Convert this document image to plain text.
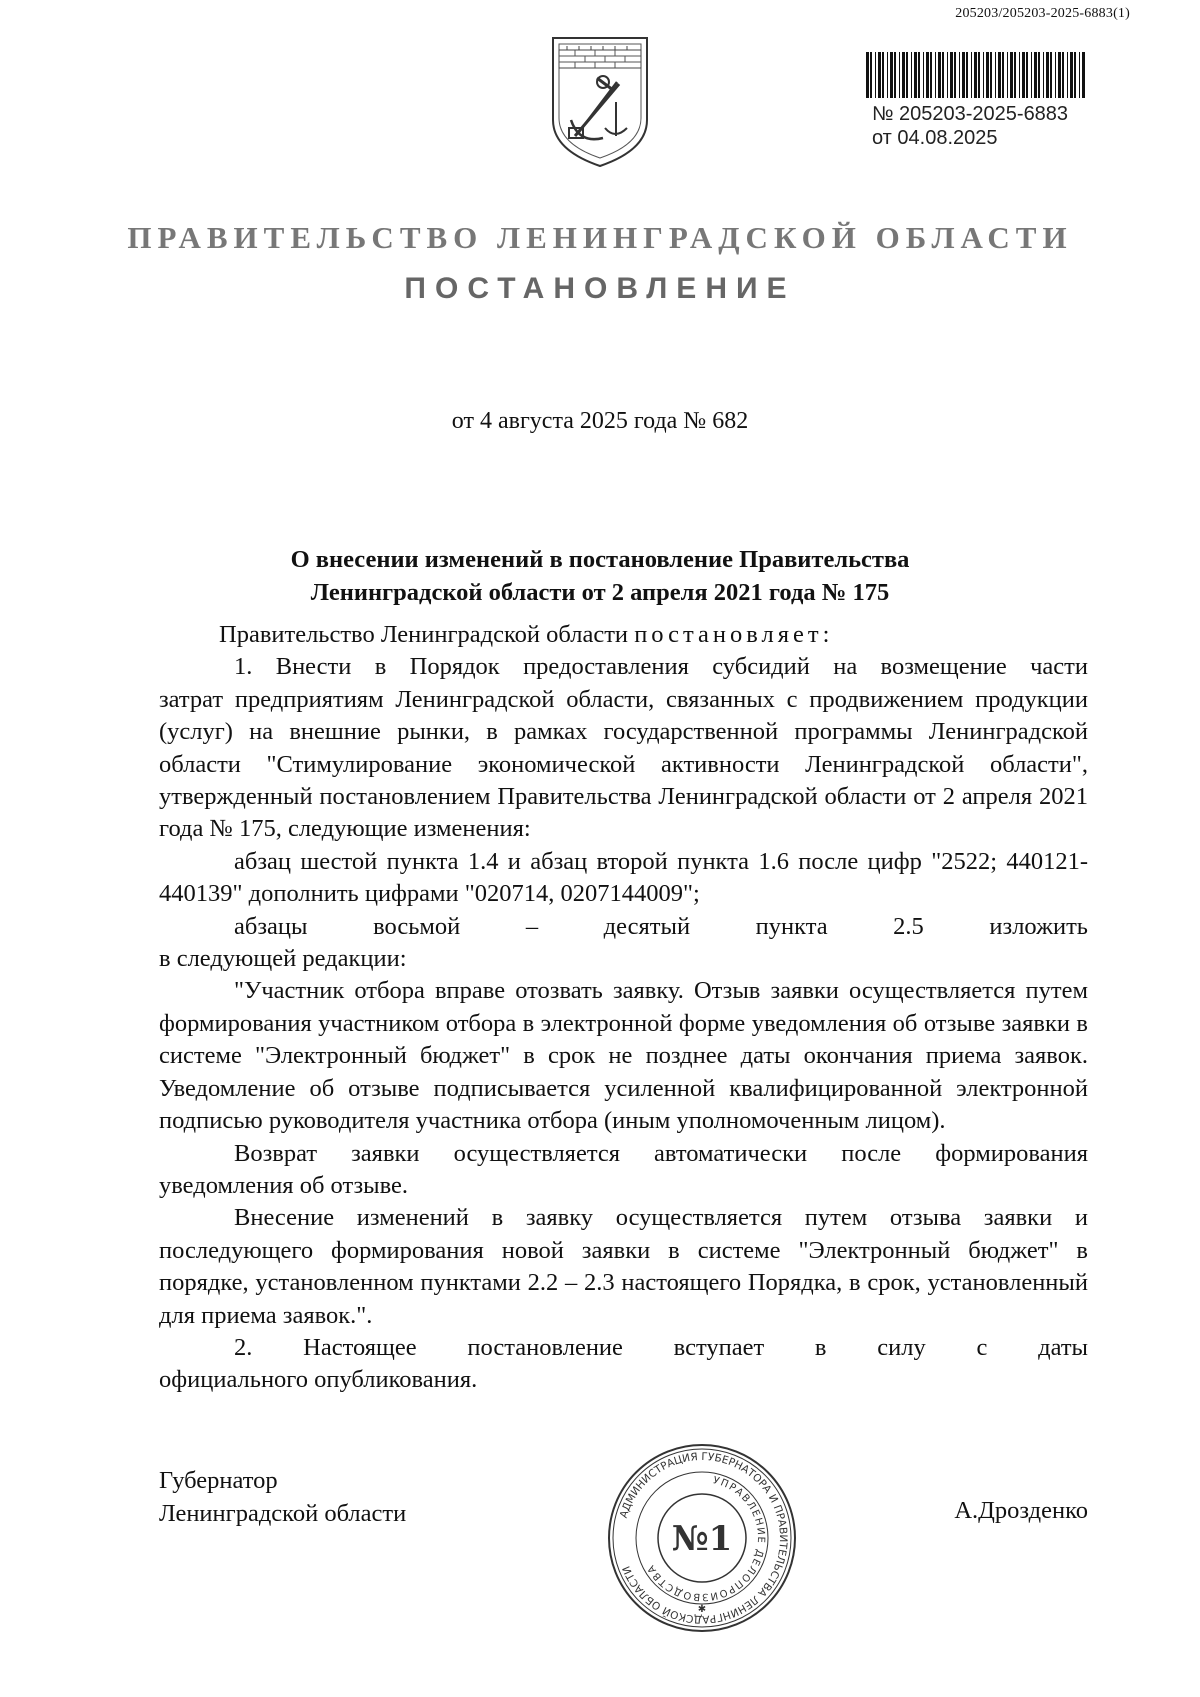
205203/205203-2025-6883(1)
№ 205203-2025-6883
от 04.08.2025
ПРАВИТЕЛЬСТВО ЛЕНИНГРАДСКОЙ ОБЛАСТИ
ПОСТАНОВЛЕНИЕ
от 4 августа 2025 года № 682
О внесении изменений в постановление Правительства
Ленинградской области от 2 апреля 2021 года № 175
Правительство Ленинградской области постановляет:
1. Внести в Порядок предоставления субсидий на возмещение части
затрат предприятиям Ленинградской области, связанных с продвижением продукции (услуг) на внешние рынки, в рамках государственной программы Ленинградской области "Стимулирование экономической активности Ленинградской области", утвержденный постановлением Правительства Ленинградской области от 2 апреля 2021 года № 175, следующие изменения:
абзац шестой пункта 1.4 и абзац второй пункта 1.6 после цифр "2522; 440121-440139" дополнить цифрами "020714, 0207144009";
абзацы восьмой – десятый пункта 2.5 изложить
в следующей редакции:
"Участник отбора вправе отозвать заявку. Отзыв заявки осуществляется путем формирования участником отбора в электронной форме уведомления об отзыве заявки в системе "Электронный бюджет" в срок не позднее даты окончания приема заявок. Уведомление об отзыве подписывается усиленной квалифицированной электронной подписью руководителя участника отбора (иным уполномоченным лицом).
Возврат заявки осуществляется автоматически после формирования уведомления об отзыве.
Внесение изменений в заявку осуществляется путем отзыва заявки и последующего формирования новой заявки в системе "Электронный бюджет" в порядке, установленном пунктами 2.2 – 2.3 настоящего Порядка, в срок, установленный для приема заявок.".
2. Настоящее постановление вступает в силу с даты
официального опубликования.
Губернатор
Ленинградской области	А.Дрозденко
АДМИНИСТРАЦИЯ ГУБЕРНАТОРА И ПРАВИТЕЛЬСТВА ЛЕНИНГРАДСКОЙ ОБЛАСТИ
УПРАВЛЕНИЕ ДЕЛОПРОИЗВОДСТВА
№1
✱
